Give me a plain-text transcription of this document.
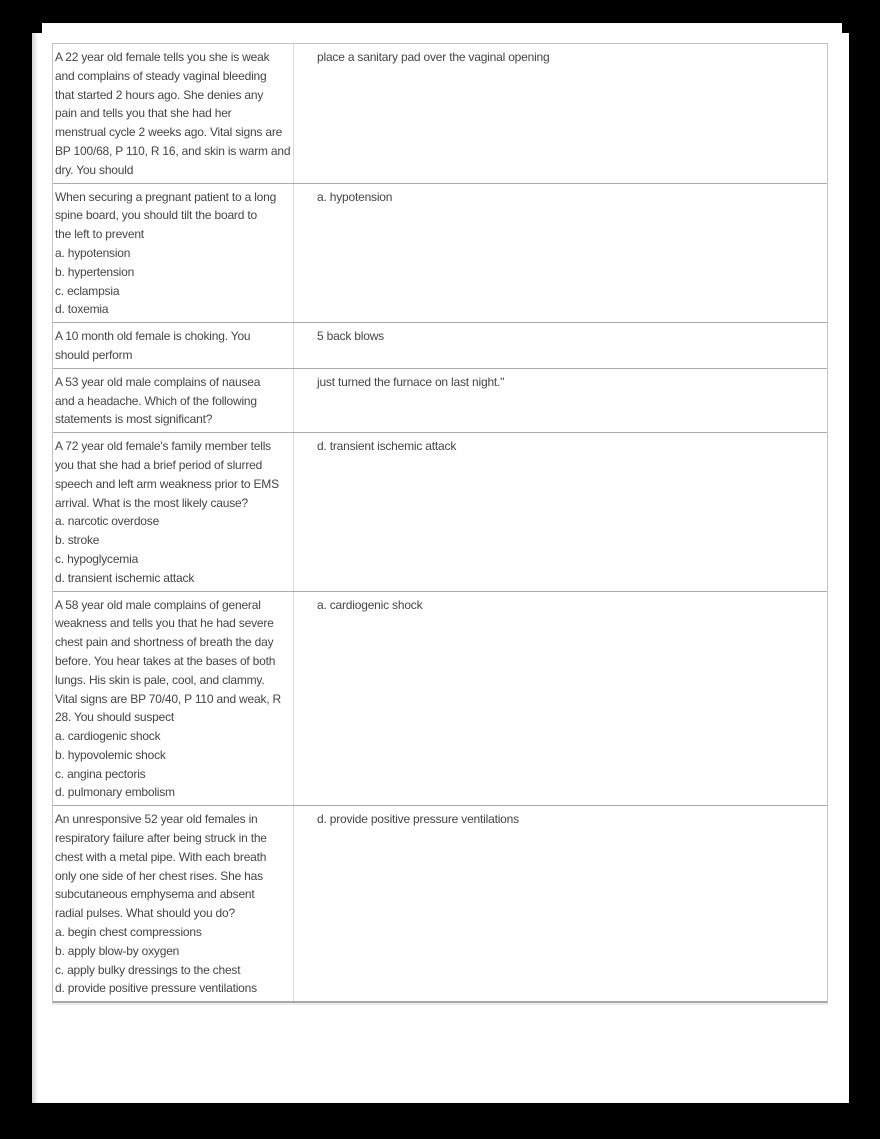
A 22 year old female tells you she is weak
and complains of steady vaginal bleeding
that started 2 hours ago. She denies any
pain and tells you that she had her
menstrual cycle 2 weeks ago. Vital signs are
BP 100/68, P 110, R 16, and skin is warm and
dry. You should
place a sanitary pad over the vaginal opening
When securing a pregnant patient to a long
spine board, you should tilt the board to
the left to prevent
a. hypotension
b. hypertension
c. eclampsia
d. toxemia
a. hypotension
A 10 month old female is choking. You
should perform
5 back blows
A 53 year old male complains of nausea
and a headache. Which of the following
statements is most significant?
just turned the furnace on last night."
A 72 year old female's family member tells
you that she had a brief period of slurred
speech and left arm weakness prior to EMS
arrival. What is the most likely cause?
a. narcotic overdose
b. stroke
c. hypoglycemia
d. transient ischemic attack
d. transient ischemic attack
A 58 year old male complains of general
weakness and tells you that he had severe
chest pain and shortness of breath the day
before. You hear takes at the bases of both
lungs. His skin is pale, cool, and clammy.
Vital signs are BP 70/40, P 110 and weak, R
28. You should suspect
a. cardiogenic shock
b. hypovolemic shock
c. angina pectoris
d. pulmonary embolism
a. cardiogenic shock
An unresponsive 52 year old females in
respiratory failure after being struck in the
chest with a metal pipe. With each breath
only one side of her chest rises. She has
subcutaneous emphysema and absent
radial pulses. What should you do?
a. begin chest compressions
b. apply blow-by oxygen
c. apply bulky dressings to the chest
d. provide positive pressure ventilations
d. provide positive pressure ventilations
